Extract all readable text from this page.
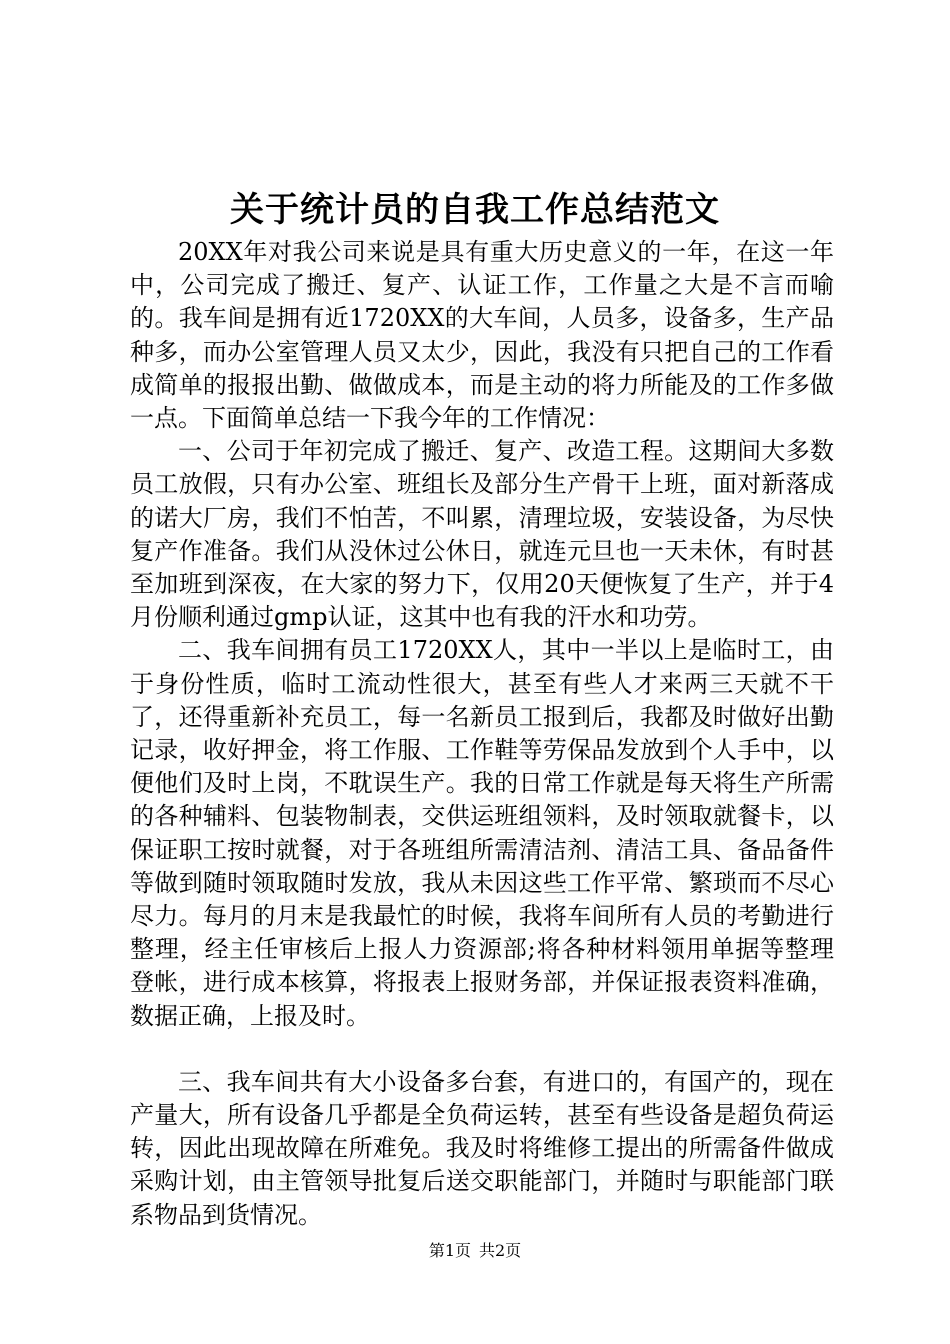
关于统计员的自我工作总结范文

20XX年对我公司来说是具有重大历史意义的一年，在这一年中，公司完成了搬迁、复产、认证工作，工作量之大是不言而喻的。我车间是拥有近1720XX的大车间，人员多，设备多，生产品种多，而办公室管理人员又太少，因此，我没有只把自己的工作看成简单的报报出勤、做做成本，而是主动的将力所能及的工作多做一点。下面简单总结一下我今年的工作情况：

一、公司于年初完成了搬迁、复产、改造工程。这期间大多数员工放假，只有办公室、班组长及部分生产骨干上班，面对新落成的诺大厂房，我们不怕苦，不叫累，清理垃圾，安装设备，为尽快复产作准备。我们从没休过公休日，就连元旦也一天未休，有时甚至加班到深夜，在大家的努力下，仅用20天便恢复了生产，并于4月份顺利通过gmp认证，这其中也有我的汗水和功劳。

二、我车间拥有员工1720XX人，其中一半以上是临时工，由于身份性质，临时工流动性很大，甚至有些人才来两三天就不干了，还得重新补充员工，每一名新员工报到后，我都及时做好出勤记录，收好押金，将工作服、工作鞋等劳保品发放到个人手中，以便他们及时上岗，不耽误生产。我的日常工作就是每天将生产所需的各种辅料、包装物制表，交供运班组领料，及时领取就餐卡，以保证职工按时就餐，对于各班组所需清洁剂、清洁工具、备品备件等做到随时领取随时发放，我从未因这些工作平常、繁琐而不尽心尽力。每月的月末是我最忙的时候，我将车间所有人员的考勤进行整理，经主任审核后上报人力资源部;将各种材料领用单据等整理登帐，进行成本核算，将报表上报财务部，并保证报表资料准确，数据正确，上报及时。

三、我车间共有大小设备多台套，有进口的，有国产的，现在产量大，所有设备几乎都是全负荷运转，甚至有些设备是超负荷运转，因此出现故障在所难免。我及时将维修工提出的所需备件做成采购计划，由主管领导批复后送交职能部门，并随时与职能部门联系物品到货情况。

第1页 共2页
